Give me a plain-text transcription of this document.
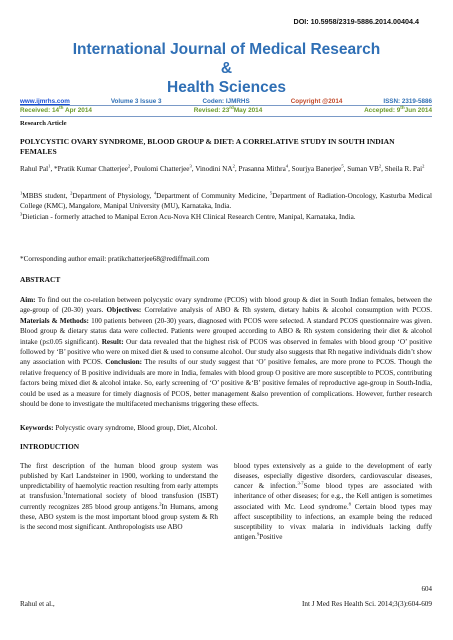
DOI: 10.5958/2319-5886.2014.00404.4
International Journal of Medical Research
&
Health Sciences
www.ijmrhs.com	Volume 3 Issue 3	Coden: IJMRHS	Copyright @2014	ISSN: 2319-5886
Received: 14th Apr 2014	Revised: 23rdMay 2014	Accepted: 9thJun 2014
Research Article
POLYCYSTIC OVARY SYNDROME, BLOOD GROUP & DIET: A CORRELATIVE STUDY IN SOUTH INDIAN FEMALES
Rahul Pal$^1$, *Pratik Kumar Chatterjee$^2$, Poulomi Chatterjee$^3$, Vinodini $NA^2$, Prasanna Mithra$^4$, Sourjya Banerjee$^5$, Suman $VB^2$, Sheila R. Pai$^2$
$^1$MBBS student, $^2$Department of Physiology, $^4$Department of Community Medicine, $^5$Department of Radiation-Oncology, Kasturba Medical College (KMC), Mangalore, Manipal University (MU), Karnataka, India.
$^3$Dietician - formerly attached to Manipal Ecron Acu-Nova KH Clinical Research Centre, Manipal, Karnataka, India.
*Corresponding author email: pratikchatterjee68@rediffmail.com
ABSTRACT
Aim: To find out the co-relation between polycystic ovary syndrome (PCOS) with blood group & diet in South Indian females, between the age-group of (20-30) years. Objectives: Correlative analysis of ABO & Rh system, dietary habits & alcohol consumption with PCOS. Materials & Methods: 100 patients between (20-30) years, diagnosed with PCOS were selected. A standard PCOS questionnaire was given. Blood group & dietary status data were collected. Patients were grouped according to ABO & Rh system considering their diet & alcohol intake (p≤0.05 significant). Result: Our data revealed that the highest risk of PCOS was observed in females with blood group ‘O’ positive followed by ‘B’ positive who were on mixed diet & used to consume alcohol. Our study also suggests that Rh negative individuals didn’t show any association with PCOS. Conclusion: The results of our study suggest that ‘O’ positive females, are more prone to PCOS. Though the relative frequency of B positive individuals are more in India, females with blood group O positive are more susceptible to PCOS, contributing factors being mixed diet & alcohol intake. So, early screening of ‘O’ positive &‘B’ positive females of reproductive age-group in South-India, could be used as a measure for timely diagnosis of PCOS, better management &also prevention of complications. However, further research should be done to investigate the multifaceted mechanisms triggering these effects.
Keywords: Polycystic ovary syndrome, Blood group, Diet, Alcohol.
INTRODUCTION
The first description of the human blood group system was published by Karl Landsteiner in 1900, working to understand the unpredictability of haemolytic reaction resulting from early attempts at transfusion.$^1$International society of blood transfusion (ISBT) currently recognizes 285 blood group antigens.$^2$In Humans, among these, ABO system is the most important blood group system & Rh is the second most significant. Anthropologists use ABO
blood types extensively as a guide to the development of early diseases, especially digestive disorders, cardiovascular diseases, cancer & infection.$^{3-7}$Some blood types are associated with inheritance of other diseases; for e.g., the Kell antigen is sometimes associated with Mc. Leod syndrome.$^8$ Certain blood types may affect susceptibility to infections, an example being the reduced susceptibility to vivax malaria in individuals lacking duffy antigen.$^9$Positive
604
Rahul et al.,	Int J Med Res Health Sci. 2014;3(3):604-609
